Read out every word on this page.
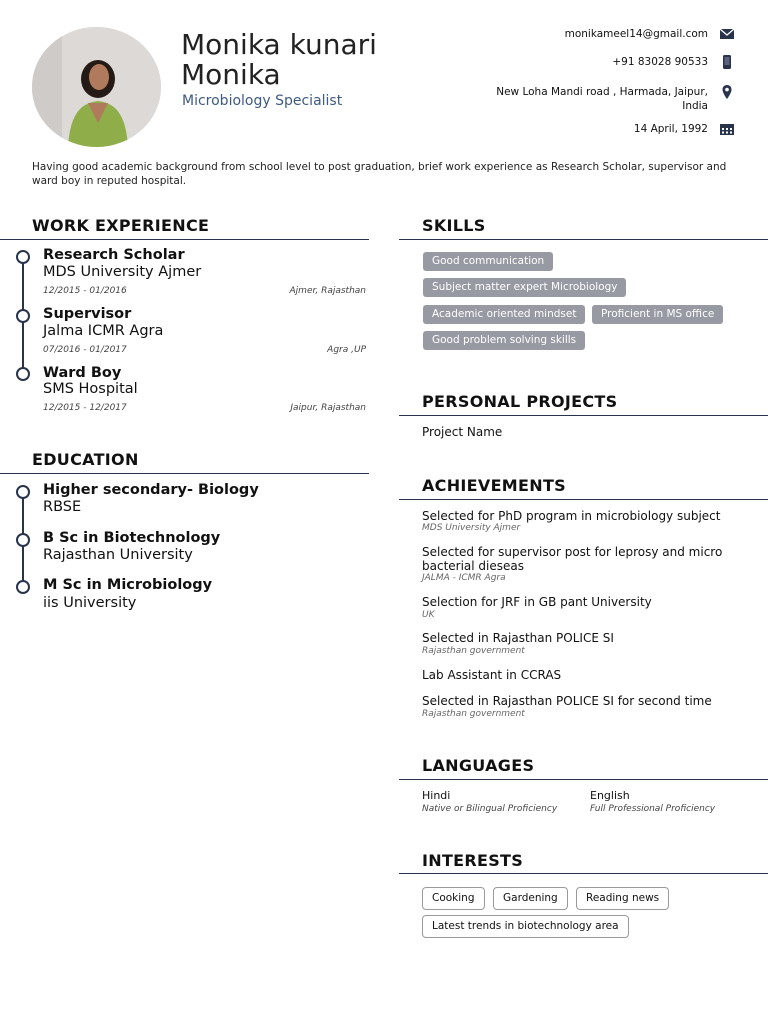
Monika kunari
Monika
Microbiology Specialist
monikameel14@gmail.com
+91 83028 90533
New Loha Mandi road , Harmada, Jaipur,
India
14 April, 1992
Having good academic background from school level to post graduation, brief work experience as Research Scholar, supervisor and ward boy in reputed hospital.
WORK EXPERIENCE
Research Scholar
MDS University Ajmer
12/2015 - 01/2016	Ajmer, Rajasthan
Supervisor
Jalma ICMR Agra
07/2016 - 01/2017	Agra ,UP
Ward Boy
SMS Hospital
12/2015 - 12/2017	Jaipur, Rajasthan
EDUCATION
Higher secondary- Biology
RBSE
B Sc in Biotechnology
Rajasthan University
M Sc in Microbiology
iis University
SKILLS
Good communication
Subject matter expert Microbiology
Academic oriented mindset	Proficient in MS office
Good problem solving skills
PERSONAL PROJECTS
Project Name
ACHIEVEMENTS
Selected for PhD program in microbiology subject
MDS University Ajmer
Selected for supervisor post for leprosy and micro bacterial dieseas
JALMA - ICMR Agra
Selection for JRF in GB pant University
UK
Selected in Rajasthan POLICE SI
Rajasthan government
Lab Assistant in CCRAS
Selected in Rajasthan POLICE SI for second time
Rajasthan government
LANGUAGES
Hindi
Native or Bilingual Proficiency
English
Full Professional Proficiency
INTERESTS
Cooking	Gardening	Reading news
Latest trends in biotechnology area
